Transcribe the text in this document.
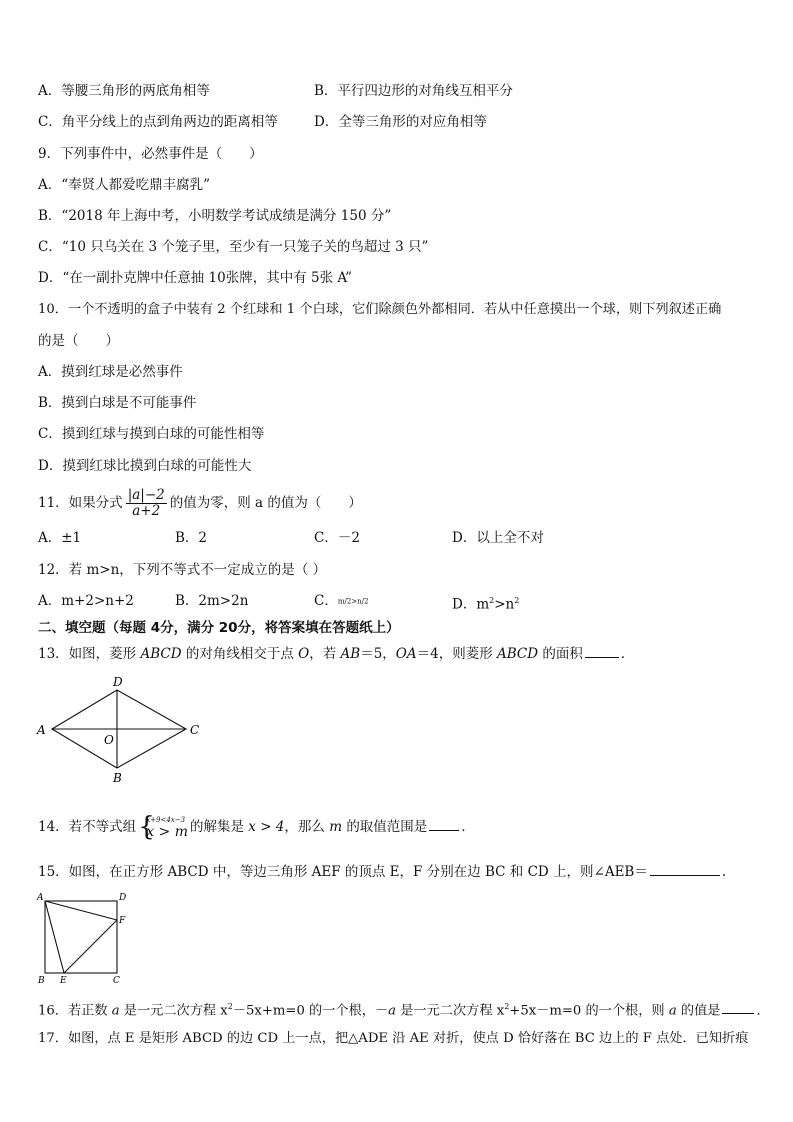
A．等腰三角形的两底角相等	B．平行四边形的对角线互相平分
C．角平分线上的点到角两边的距离相等	D．全等三角形的对应角相等
9．下列事件中，必然事件是（　　）
A．“奉贤人都爱吃鼎丰腐乳”
B．“2018 年上海中考，小明数学考试成绩是满分 150 分”
C．“10 只乌关在 3 个笼子里，至少有一只笼子关的鸟超过 3 只”
D．“在一副扑克牌中任意抽 10张牌，其中有 5张 A”
10．一个不透明的盒子中装有 2 个红球和 1 个白球，它们除颜色外都相同．若从中任意摸出一个球，则下列叙述正确
的是（　　）
A．摸到红球是必然事件
B．摸到白球是不可能事件
C．摸到红球与摸到白球的可能性相等
D．摸到红球比摸到白球的可能性大
11．如果分式 $\frac{|a|-2}{a+2}$ 的值为零，则 a 的值为（　　）
A．±1	B．2	C．－2	D．以上全不对
12．若 m>n，下列不等式不一定成立的是（ ）
A．m+2>n+2	B．2m>2n	C．m/2>n/2	D．$m^2>n^2$
二、填空题（每题 4分，满分 20分，将答案填在答题纸上）
13．如图，菱形 ABCD 的对角线相交于点 O，若 AB＝5，OA＝4，则菱形 ABCD 的面积	．
A
D
C
B
O
14．若不等式组 {
x+9<4x−3
x > m 的解集是 x > 4，那么 m 的取值范围是	．
15．如图，在正方形 ABCD 中，等边三角形 AEF 的顶点 E，F 分别在边 BC 和 CD 上，则∠AEB＝	.
A	D
F
B E	C
16．若正数 a 是一元二次方程 $x^2-5x+m=0$ 的一个根，－a 是一元二次方程 $x^2+5x-m=0$ 的一个根，则 a 的值是	．
17．如图，点 E 是矩形 ABCD 的边 CD 上一点，把△ADE 沿 AE 对折，使点 D 恰好落在 BC 边上的 F 点处．已知折痕
